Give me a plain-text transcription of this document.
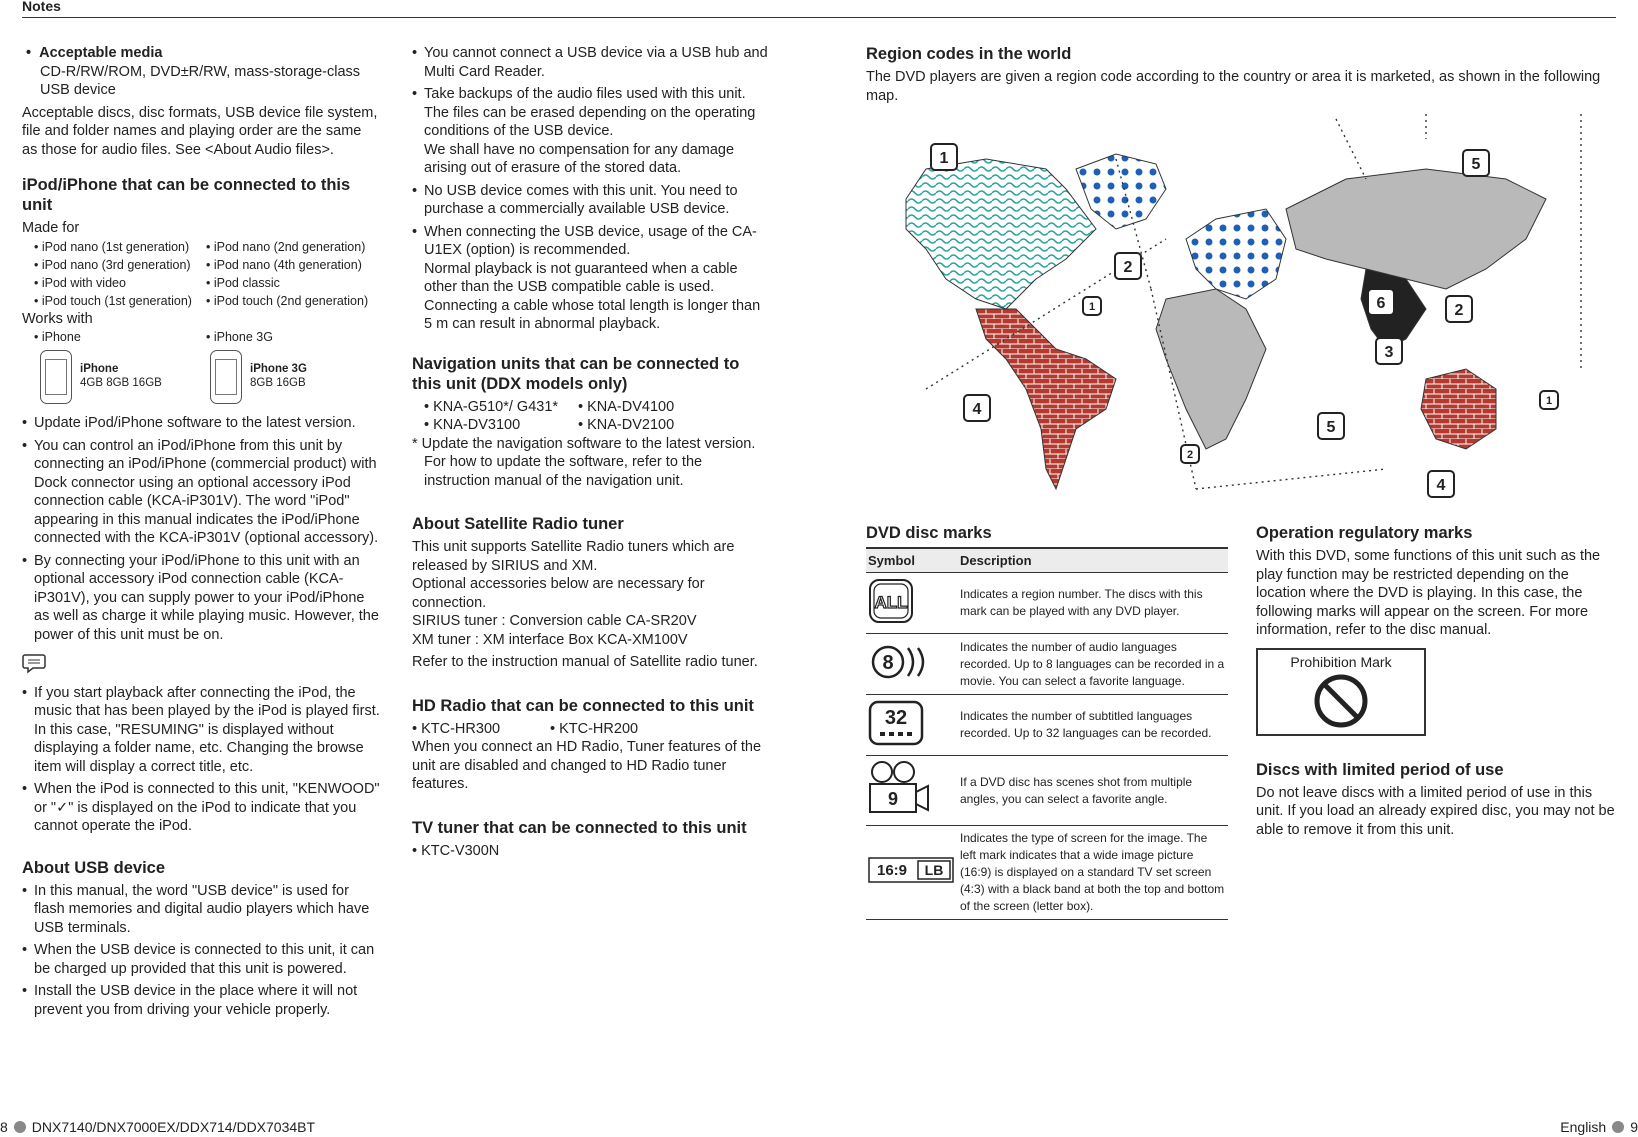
Notes
•  Acceptable media

CD-R/RW/ROM, DVD±R/RW, mass-storage-class USB device

Acceptable discs, disc formats, USB device file system, file and folder names and playing order are the same as those for audio files. See <About Audio files>.

iPod/iPhone that can be connected to this unit

Made for

• iPod nano (1st generation)	• iPod nano (2nd generation)
• iPod nano (3rd generation)	• iPod nano (4th generation)
• iPod with video	• iPod classic
• iPod touch (1st generation)	• iPod touch (2nd generation)

Works with

• iPhone	• iPhone 3G
iPhone
4GB 8GB 16GB iPhone 3G
8GB 16GB
• Update iPod/iPhone software to the latest version.
• You can control an iPod/iPhone from this unit by connecting an iPod/iPhone (commercial product) with Dock connector using an optional accessory iPod connection cable (KCA-iP301V). The word "iPod" appearing in this manual indicates the iPod/iPhone connected with the KCA-iP301V (optional accessory).
• By connecting your iPod/iPhone to this unit with an optional accessory iPod connection cable (KCA-iP301V), you can supply power to your iPod/iPhone as well as charge it while playing music. However, the power of this unit must be on.
• If you start playback after connecting the iPod, the music that has been played by the iPod is played first.
In this case, "RESUMING" is displayed without displaying a folder name, etc. Changing the browse item will display a correct title, etc.
• When the iPod is connected to this unit, "KENWOOD" or "✓" is displayed on the iPod to indicate that you cannot operate the iPod.
About USB device
• In this manual, the word "USB device" is used for flash memories and digital audio players which have USB terminals.
• When the USB device is connected to this unit, it can be charged up provided that this unit is powered.
• Install the USB device in the place where it will not prevent you from driving your vehicle properly.
• You cannot connect a USB device via a USB hub and Multi Card Reader.
• Take backups of the audio files used with this unit. The files can be erased depending on the operating conditions of the USB device.
We shall have no compensation for any damage arising out of erasure of the stored data.
• No USB device comes with this unit. You need to purchase a commercially available USB device.
• When connecting the USB device, usage of the CA-U1EX (option) is recommended.
Normal playback is not guaranteed when a cable other than the USB compatible cable is used. Connecting a cable whose total length is longer than 5 m can result in abnormal playback.
Navigation units that can be connected to this unit (DDX models only)
• KNA-G510*/ G431*	• KNA-DV4100
• KNA-DV3100	• KNA-DV2100

* Update the navigation software to the latest version. For how to update the software, refer to the instruction manual of the navigation unit.

About Satellite Radio tuner

This unit supports Satellite Radio tuners which are released by SIRIUS and XM.
Optional accessories below are necessary for connection.
SIRIUS tuner : Conversion cable CA-SR20V
XM tuner : XM interface Box KCA-XM100V

Refer to the instruction manual of Satellite radio tuner.

HD Radio that can be connected to this unit
• KTC-HR300	• KTC-HR200

When you connect an HD Radio, Tuner features of the unit are disabled and changed to HD Radio tuner features.

TV tuner that can be connected to this unit
• KTC-V300N
Region codes in the world

The DVD players are given a region code according to the country or area it is marketed, as shown in the following map.

1	5
2
1	6	2
3
4	1
5
2
4
DVD disc marks
Symbol	Description

ALL	Indicates a region number. The discs with this mark can be played with any DVD player.

8	Indicates the number of audio languages recorded. Up to 8 languages can be recorded in a movie. You can select a favorite language.

32	Indicates the number of subtitled languages recorded. Up to 32 languages can be recorded.

9	If a DVD disc has scenes shot from multiple angles, you can select a favorite angle.

16:9 LB	Indicates the type of screen for the image. The left mark indicates that a wide image picture (16:9) is displayed on a standard TV set screen (4:3) with a black band at both the top and bottom of the screen (letter box).
Operation regulatory marks

With this DVD, some functions of this unit such as the play function may be restricted depending on the location where the DVD is playing. In this case, the following marks will appear on the screen. For more information, refer to the disc manual.

Prohibition Mark
Discs with limited period of use

Do not leave discs with a limited period of use in this unit. If you load an already expired disc, you may not be able to remove it from this unit.

8 DNX7140/DNX7000EX/DDX714/DDX7034BT	English 9
